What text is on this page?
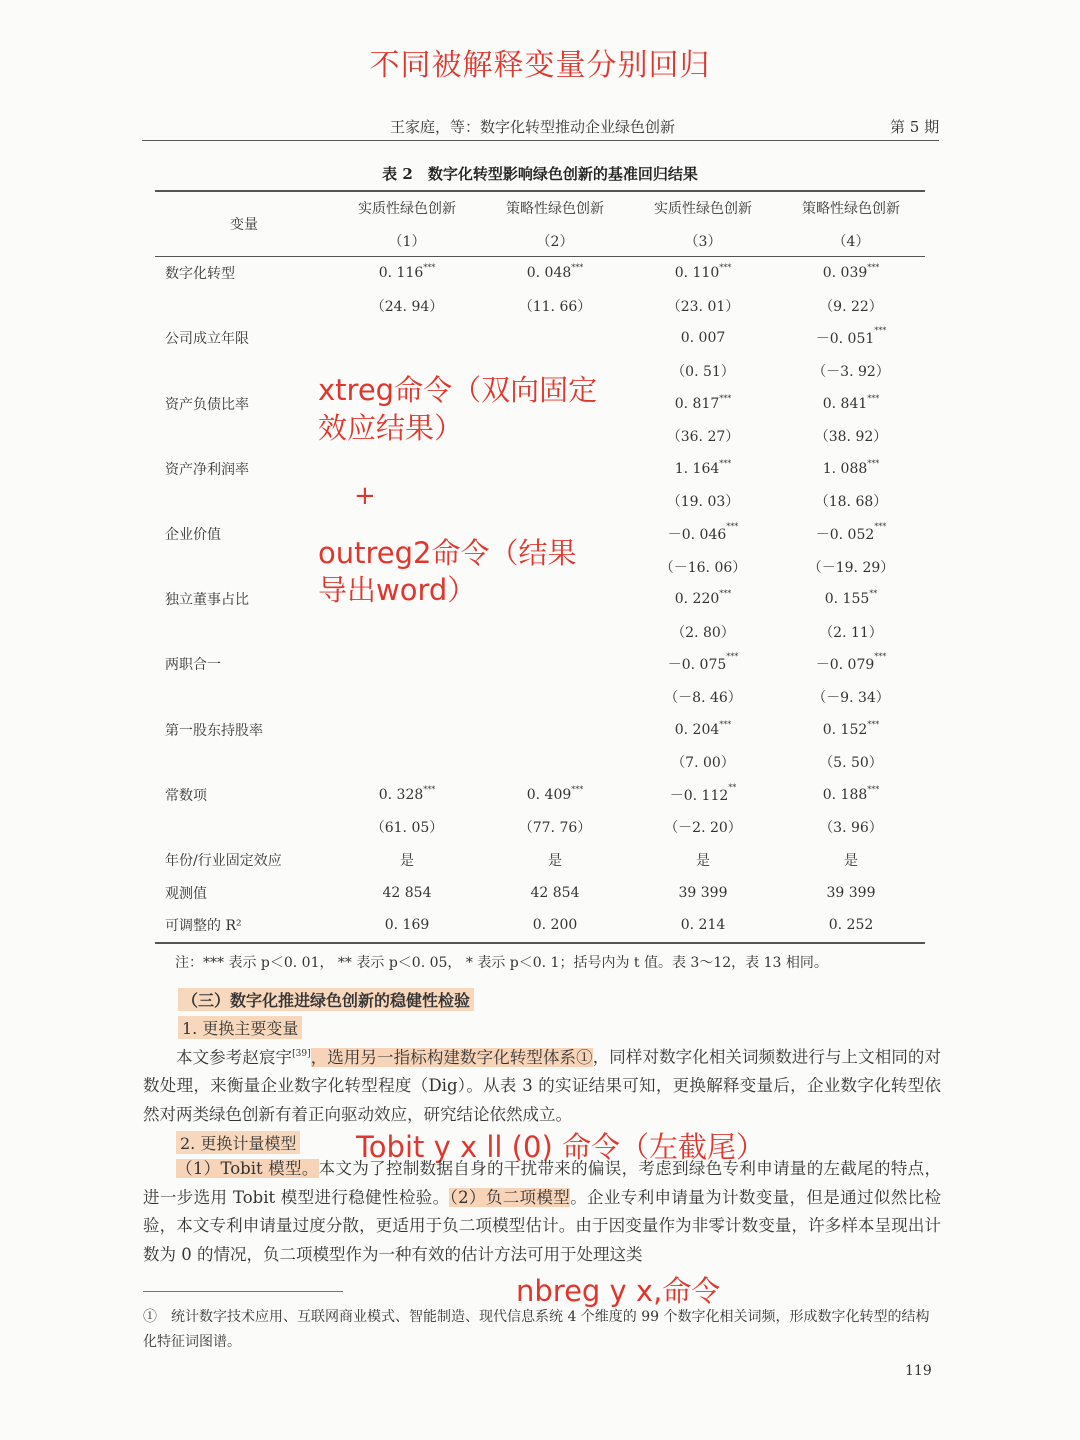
不同被解释变量分别回归
王家庭，等：数字化转型推动企业绿色创新	第 5 期
表 2　数字化转型影响绿色创新的基准回归结果
变量	实质性绿色创新	策略性绿色创新	实质性绿色创新	策略性绿色创新
	（1）	（2）	（3）	（4）
数字化转型	0. 116***	0. 048***	0. 110***	0. 039***
	（24. 94）	（11. 66）	（23. 01）	（9. 22）
公司成立年限			0. 007	－0. 051***
			（0. 51）	（－3. 92）
资产负债比率			0. 817***	0. 841***
			（36. 27）	（38. 92）
资产净利润率			1. 164***	1. 088***
			（19. 03）	（18. 68）
企业价值			－0. 046***	－0. 052***
			（－16. 06）	（－19. 29）
独立董事占比			0. 220***	0. 155**
			（2. 80）	（2. 11）
两职合一			－0. 075***	－0. 079***
			（－8. 46）	（－9. 34）
第一股东持股率			0. 204***	0. 152***
			（7. 00）	（5. 50）
常数项	0. 328***	0. 409***	－0. 112**	0. 188***
	（61. 05）	（77. 76）	（－2. 20）	（3. 96）
年份/行业固定效应	是	是	是	是
观测值	42 854	42 854	39 399	39 399
可调整的 R²	0. 169	0. 200	0. 214	0. 252
注：*** 表示 p＜0. 01， ** 表示 p＜0. 05， * 表示 p＜0. 1；括号内为 t 值。表 3～12，表 13 相同。
xtreg命令（双向固定
效应结果）
+
outreg2命令（结果
导出word）
Tobit y x ll (0) 命令（左截尾）
nbreg y x,命令
（三）数字化推进绿色创新的稳健性检验
1. 更换主要变量
本文参考赵宸宇[39]，选用另一指标构建数字化转型体系①，同样对数字化相关词频数进行与上文相同的对数处理，来衡量企业数字化转型程度（Dig）。从表 3 的实证结果可知，更换解释变量后，企业数字化转型依然对两类绿色创新有着正向驱动效应，研究结论依然成立。
2. 更换计量模型
（1）Tobit 模型。本文为了控制数据自身的干扰带来的偏误，考虑到绿色专利申请量的左截尾的特点，进一步选用 Tobit 模型进行稳健性检验。（2）负二项模型。企业专利申请量为计数变量，但是通过似然比检验，本文专利申请量过度分散，更适用于负二项模型估计。由于因变量作为非零计数变量，许多样本呈现出计数为 0 的情况，负二项模型作为一种有效的估计方法可用于处理这类
①　统计数字技术应用、互联网商业模式、智能制造、现代信息系统 4 个维度的 99 个数字化相关词频，形成数字化转型的结构化特征词图谱。
119
